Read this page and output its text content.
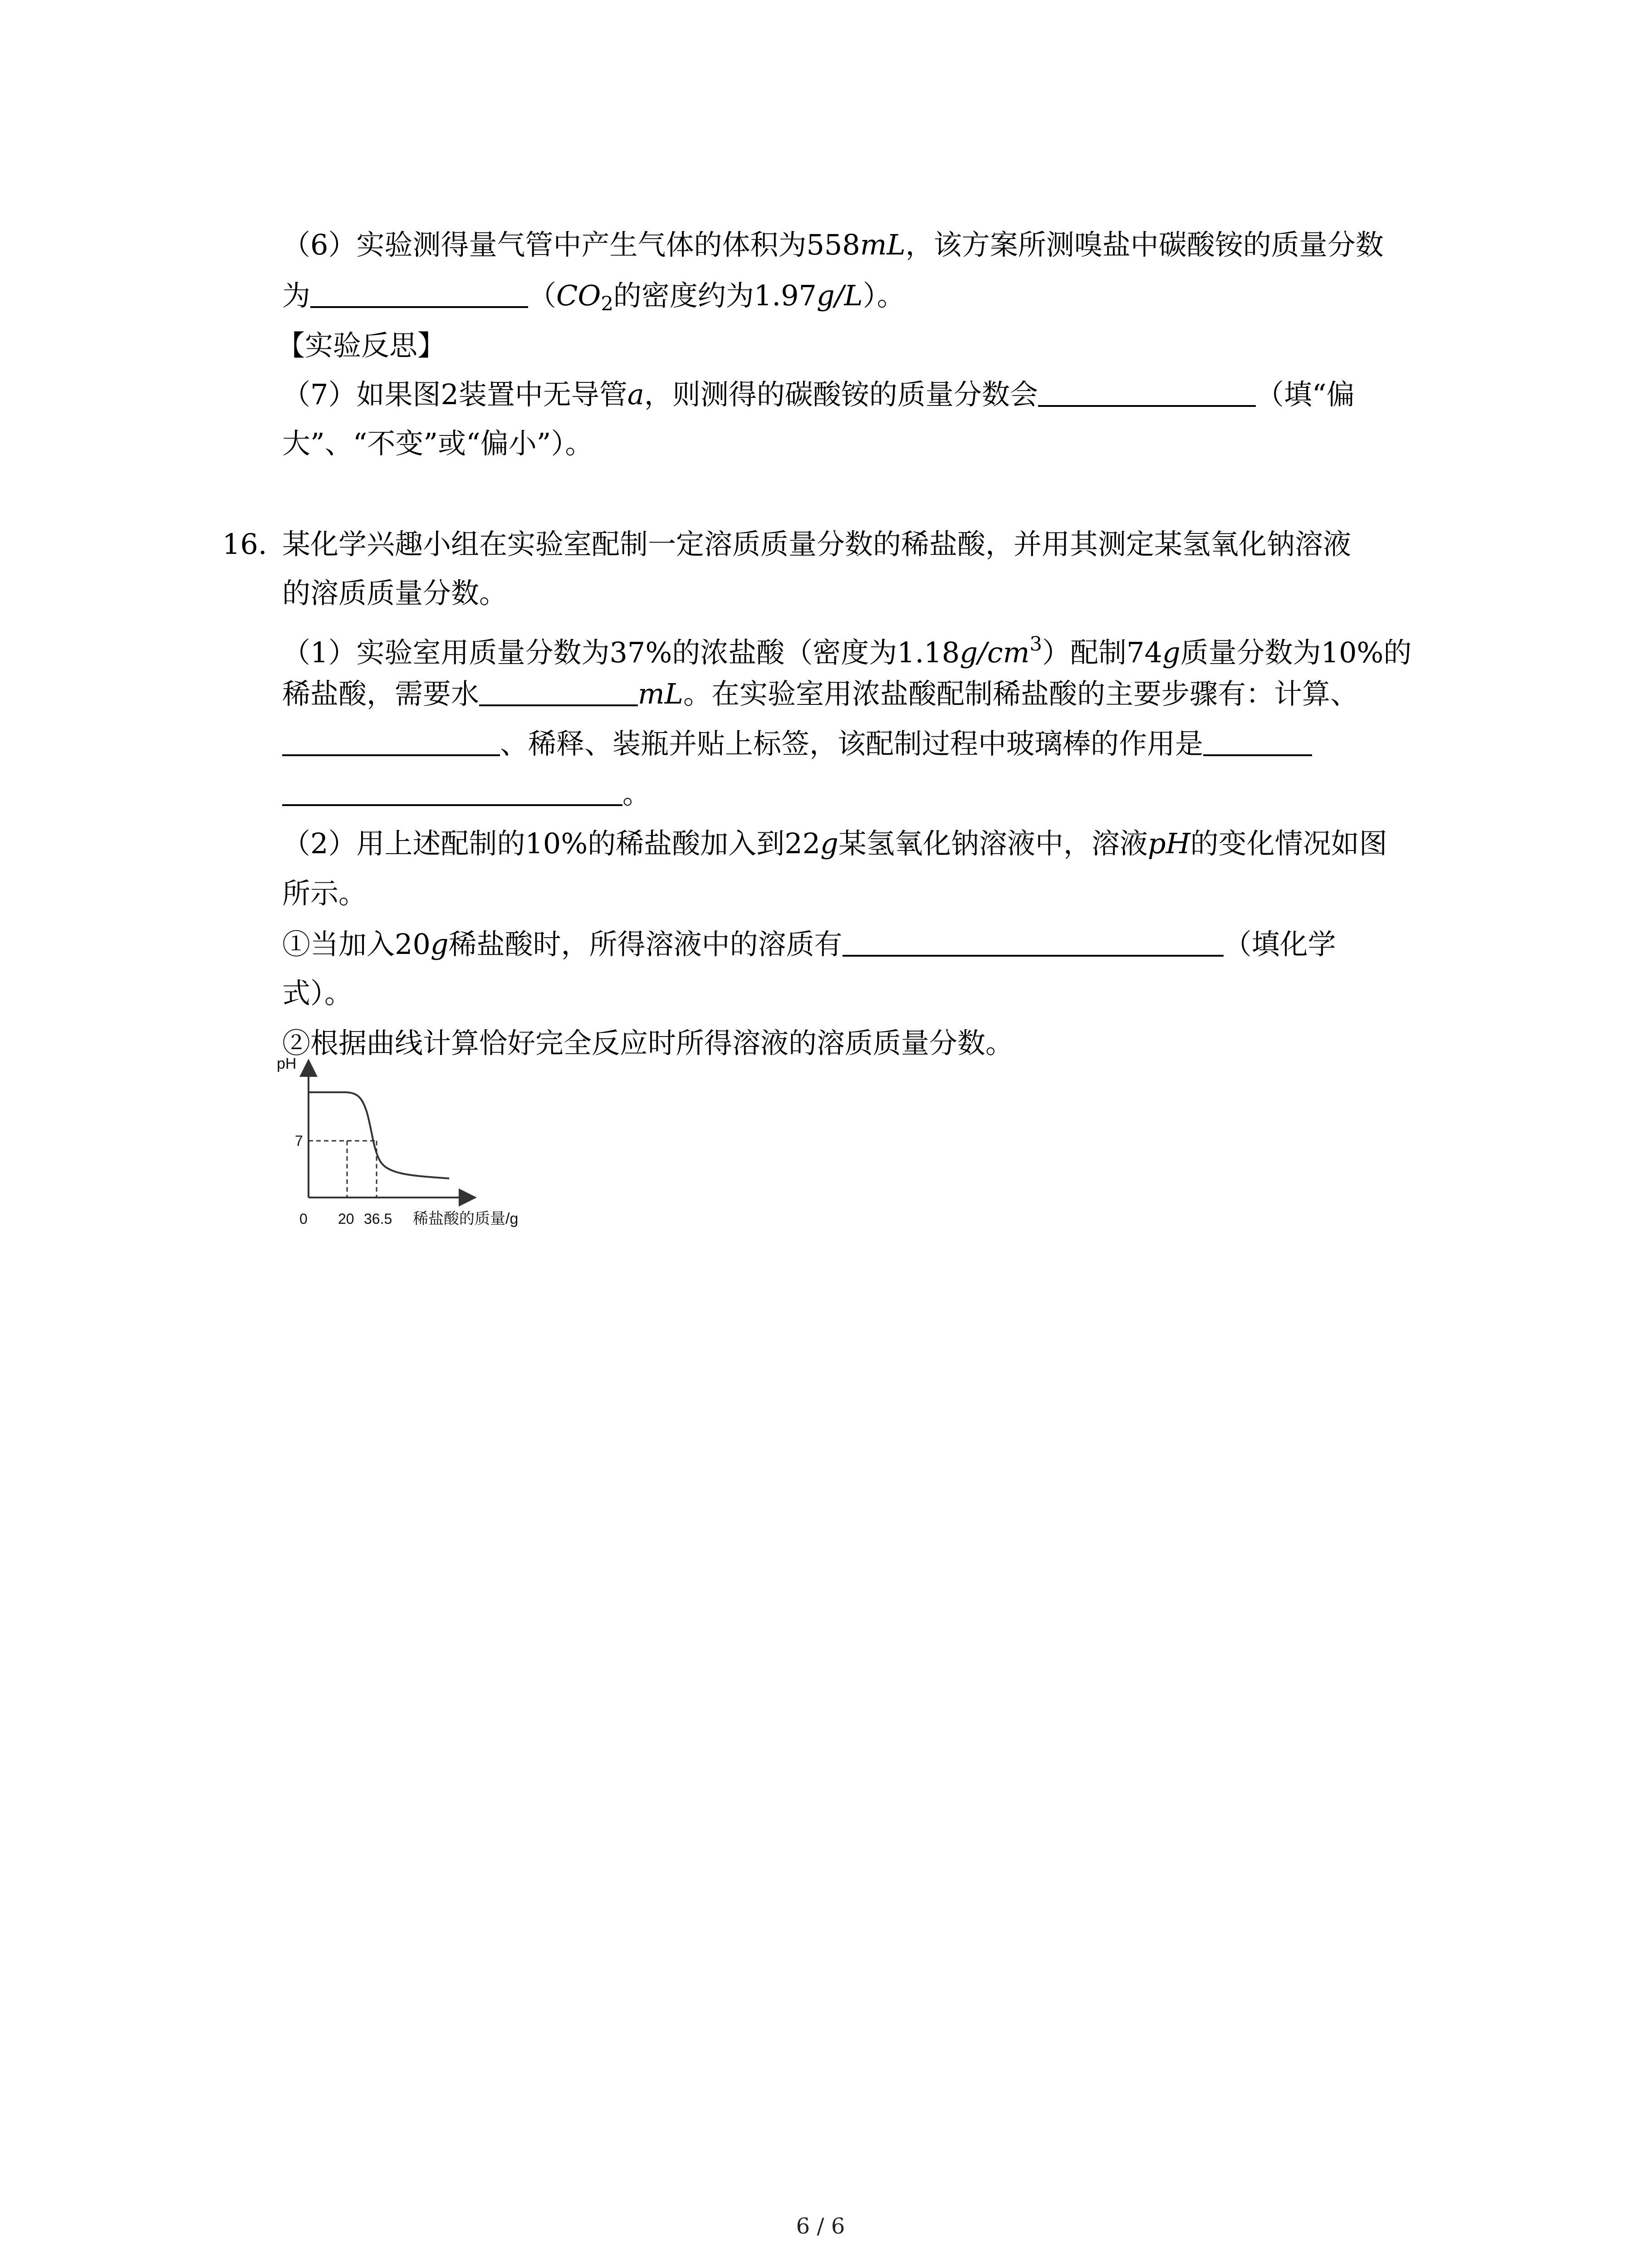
（6）实验测得量气管中产生气体的体积为558mL，该方案所测嗅盐中碳酸铵的质量分数
为	（$CO_2$的密度约为1.97g/L）。
【实验反思】
（7）如果图2装置中无导管a，则测得的碳酸铵的质量分数会	（填“偏
大”、“不变”或“偏小”）。
16. 某化学兴趣小组在实验室配制一定溶质质量分数的稀盐酸，并用其测定某氢氧化钠溶液
的溶质质量分数。
（1）实验室用质量分数为37%的浓盐酸（密度为$1.18g/cm^3$）配制74g质量分数为10%的
稀盐酸，需要水	mL。在实验室用浓盐酸配制稀盐酸的主要步骤有：计算、
、稀释、装瓶并贴上标签，该配制过程中玻璃棒的作用是
。
（2）用上述配制的10%的稀盐酸加入到22g某氢氧化钠溶液中，溶液pH的变化情况如图
所示。
①当加入20g稀盐酸时，所得溶液中的溶质有	（填化学
式）。
②根据曲线计算恰好完全反应时所得溶液的溶质质量分数。
pH
7
0 20 36.5 稀盐酸的质量/g
6 / 6
